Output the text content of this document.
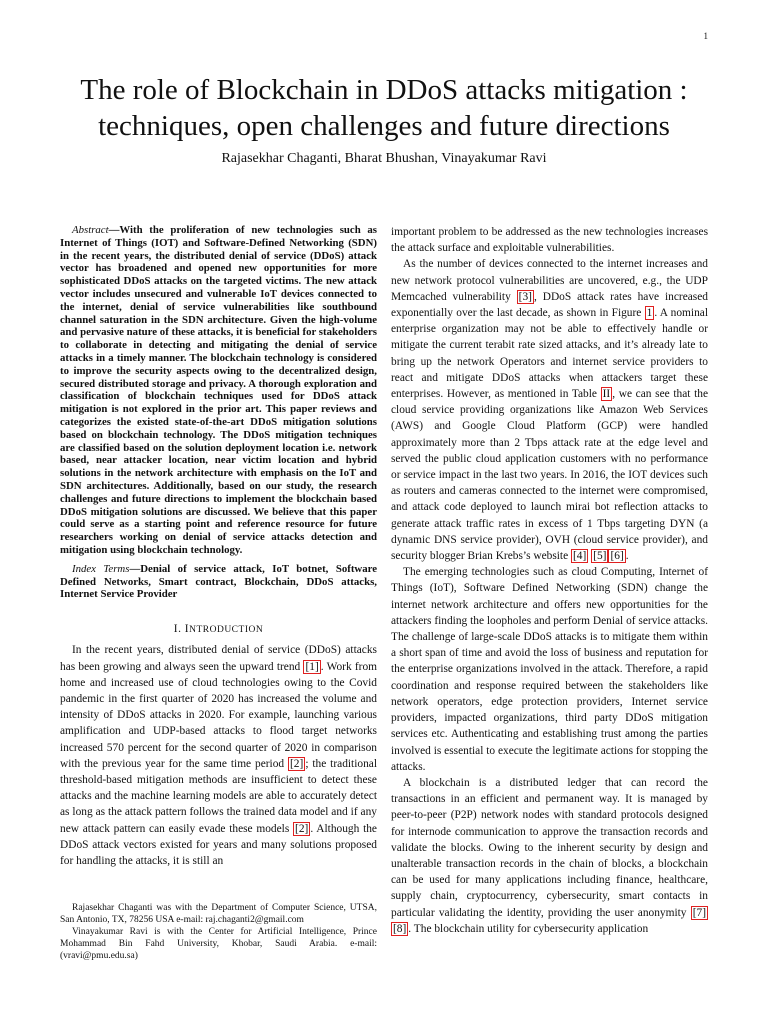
1
The role of Blockchain in DDoS attacks mitigation : techniques, open challenges and future directions
Rajasekhar Chaganti, Bharat Bhushan, Vinayakumar Ravi

Abstract—With the proliferation of new technologies such as Internet of Things (IOT) and Software-Defined Networking (SDN) in the recent years, the distributed denial of service (DDoS) attack vector has broadened and opened new opportunities for more sophisticated DDoS attacks on the targeted victims. The new attack vector includes unsecured and vulnerable IoT devices connected to the internet, denial of service vulnerabilities like southbound channel saturation in the SDN architecture. Given the high-volume and pervasive nature of these attacks, it is beneficial for stakeholders to collaborate in detecting and mitigating the denial of service attacks in a timely manner. The blockchain technology is considered to improve the security aspects owing to the decentralized design, secured distributed storage and privacy. A thorough exploration and classification of blockchain techniques used for DDoS attack mitigation is not explored in the prior art. This paper reviews and categorizes the existed state-of-the-art DDoS mitigation solutions based on blockchain technology. The DDoS mitigation techniques are classified based on the solution deployment location i.e. network based, near attacker location, near victim location and hybrid solutions in the network architecture with emphasis on the IoT and SDN architectures. Additionally, based on our study, the research challenges and future directions to implement the blockchain based DDoS mitigation solutions are discussed. We believe that this paper could serve as a starting point and reference resource for future researchers working on denial of service attacks detection and mitigation using blockchain technology.

Index Terms—Denial of service attack, IoT botnet, Software Defined Networks, Smart contract, Blockchain, DDoS attacks, Internet Service Provider

I. INTRODUCTION

In the recent years, distributed denial of service (DDoS) attacks has been growing and always seen the upward trend [1] . Work from home and increased use of cloud technologies owing to the Covid pandemic in the first quarter of 2020 has increased the volume and intensity of DDoS attacks in 2020. For example, launching various amplification and UDP-based attacks to flood target networks increased 570 percent for the second quarter of 2020 in comparison with the previous year for the same time period [2] ; the traditional threshold-based mitigation methods are insufficient to detect these attacks and the machine learning models are able to accurately detect as long as the attack pattern follows the trained data model and if any new attack pattern can easily evade these models [2] . Although the DDoS attack vectors existed for years and many solutions proposed for handling the attacks, it is still an

Rajasekhar Chaganti was with the Department of Computer Science, UTSA, San Antonio, TX, 78256 USA e-mail: raj.chaganti2@gmail.com

Vinayakumar Ravi is with the Center for Artificial Intelligence, Prince Mohammad Bin Fahd University, Khobar, Saudi Arabia. e-mail:(vravi@pmu.edu.sa)

important problem to be addressed as the new technologies increases the attack surface and exploitable vulnerabilities.

As the number of devices connected to the internet increases and new network protocol vulnerabilities are uncovered, e.g., the UDP Memcached vulnerability [3] , DDoS attack rates have increased exponentially over the last decade, as shown in Figure 1 . A nominal enterprise organization may not be able to effectively handle or mitigate the current terabit rate sized attacks, and it’s already late to bring up the network Operators and internet service providers to react and mitigate DDoS attacks when attackers target these enterprises. However, as mentioned in Table II , we can see that the cloud service providing organizations like Amazon Web Services (AWS) and Google Cloud Platform (GCP) were handled approximately more than 2 Tbps attack rate at the edge level and served the public cloud application customers with no performance or service impact in the last two years. In 2016, the IOT devices such as routers and cameras connected to the internet were compromised, and attack code deployed to launch mirai bot reflection attacks to generate attack traffic rates in excess of 1 Tbps targeting DYN (a dynamic DNS service provider), OVH (cloud service provider), and security blogger Brian Krebs’s website [4] [5] [6] .

The emerging technologies such as cloud Computing, Internet of Things (IoT), Software Defined Networking (SDN) change the internet network architecture and offers new opportunities for the attackers finding the loopholes and perform Denial of service attacks. The challenge of large-scale DDoS attacks is to mitigate them within a short span of time and avoid the loss of business and reputation for the enterprise organizations involved in the attack. Therefore, a rapid coordination and response required between the stakeholders like network operators, edge protection providers, Internet service providers, impacted organizations, third party DDoS mitigation services etc. Authenticating and establishing trust among the parties involved is essential to execute the legitimate actions for stopping the attacks.

A blockchain is a distributed ledger that can record the transactions in an efficient and permanent way. It is managed by peer-to-peer (P2P) network nodes with standard protocols designed for internode communication to approve the transaction records and validate the blocks. Owing to the inherent security by design and unalterable transaction records in the chain of blocks, a blockchain can be used for many applications including finance, healthcare, supply chain, cryptocurrency, cybersecurity, smart contacts in particular validating the identity, providing the user anonymity [7][8] . The blockchain utility for cybersecurity application
